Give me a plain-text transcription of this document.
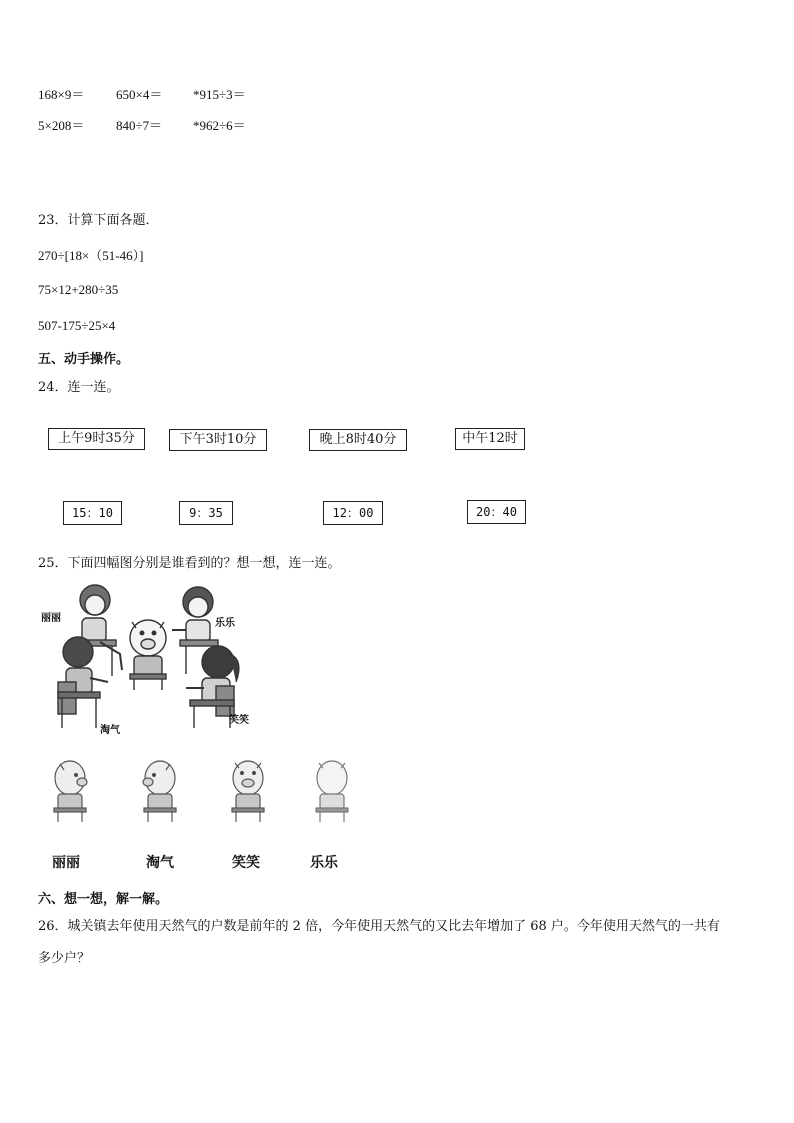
168×9＝ 650×4＝ *915÷3＝
5×208＝ 840÷7＝ *962÷6＝
23．计算下面各题．
270÷[18×（51-46）]
75×12+280÷35
507-175÷25×4
五、动手操作。
24．连一连。
上午9时35分	下午3时10分	晚上8时40分	中午12时
15：10	9：35	12：00	20：40
25．下面四幅图分别是谁看到的？想一想，连一连。
丽丽	乐乐
淘气
笑笑
丽丽	淘气	笑笑	乐乐
六、想一想，解一解。
26．城关镇去年使用天然气的户数是前年的 2 倍，今年使用天然气的又比去年增加了 68 户。今年使用天然气的一共有
多少户？
